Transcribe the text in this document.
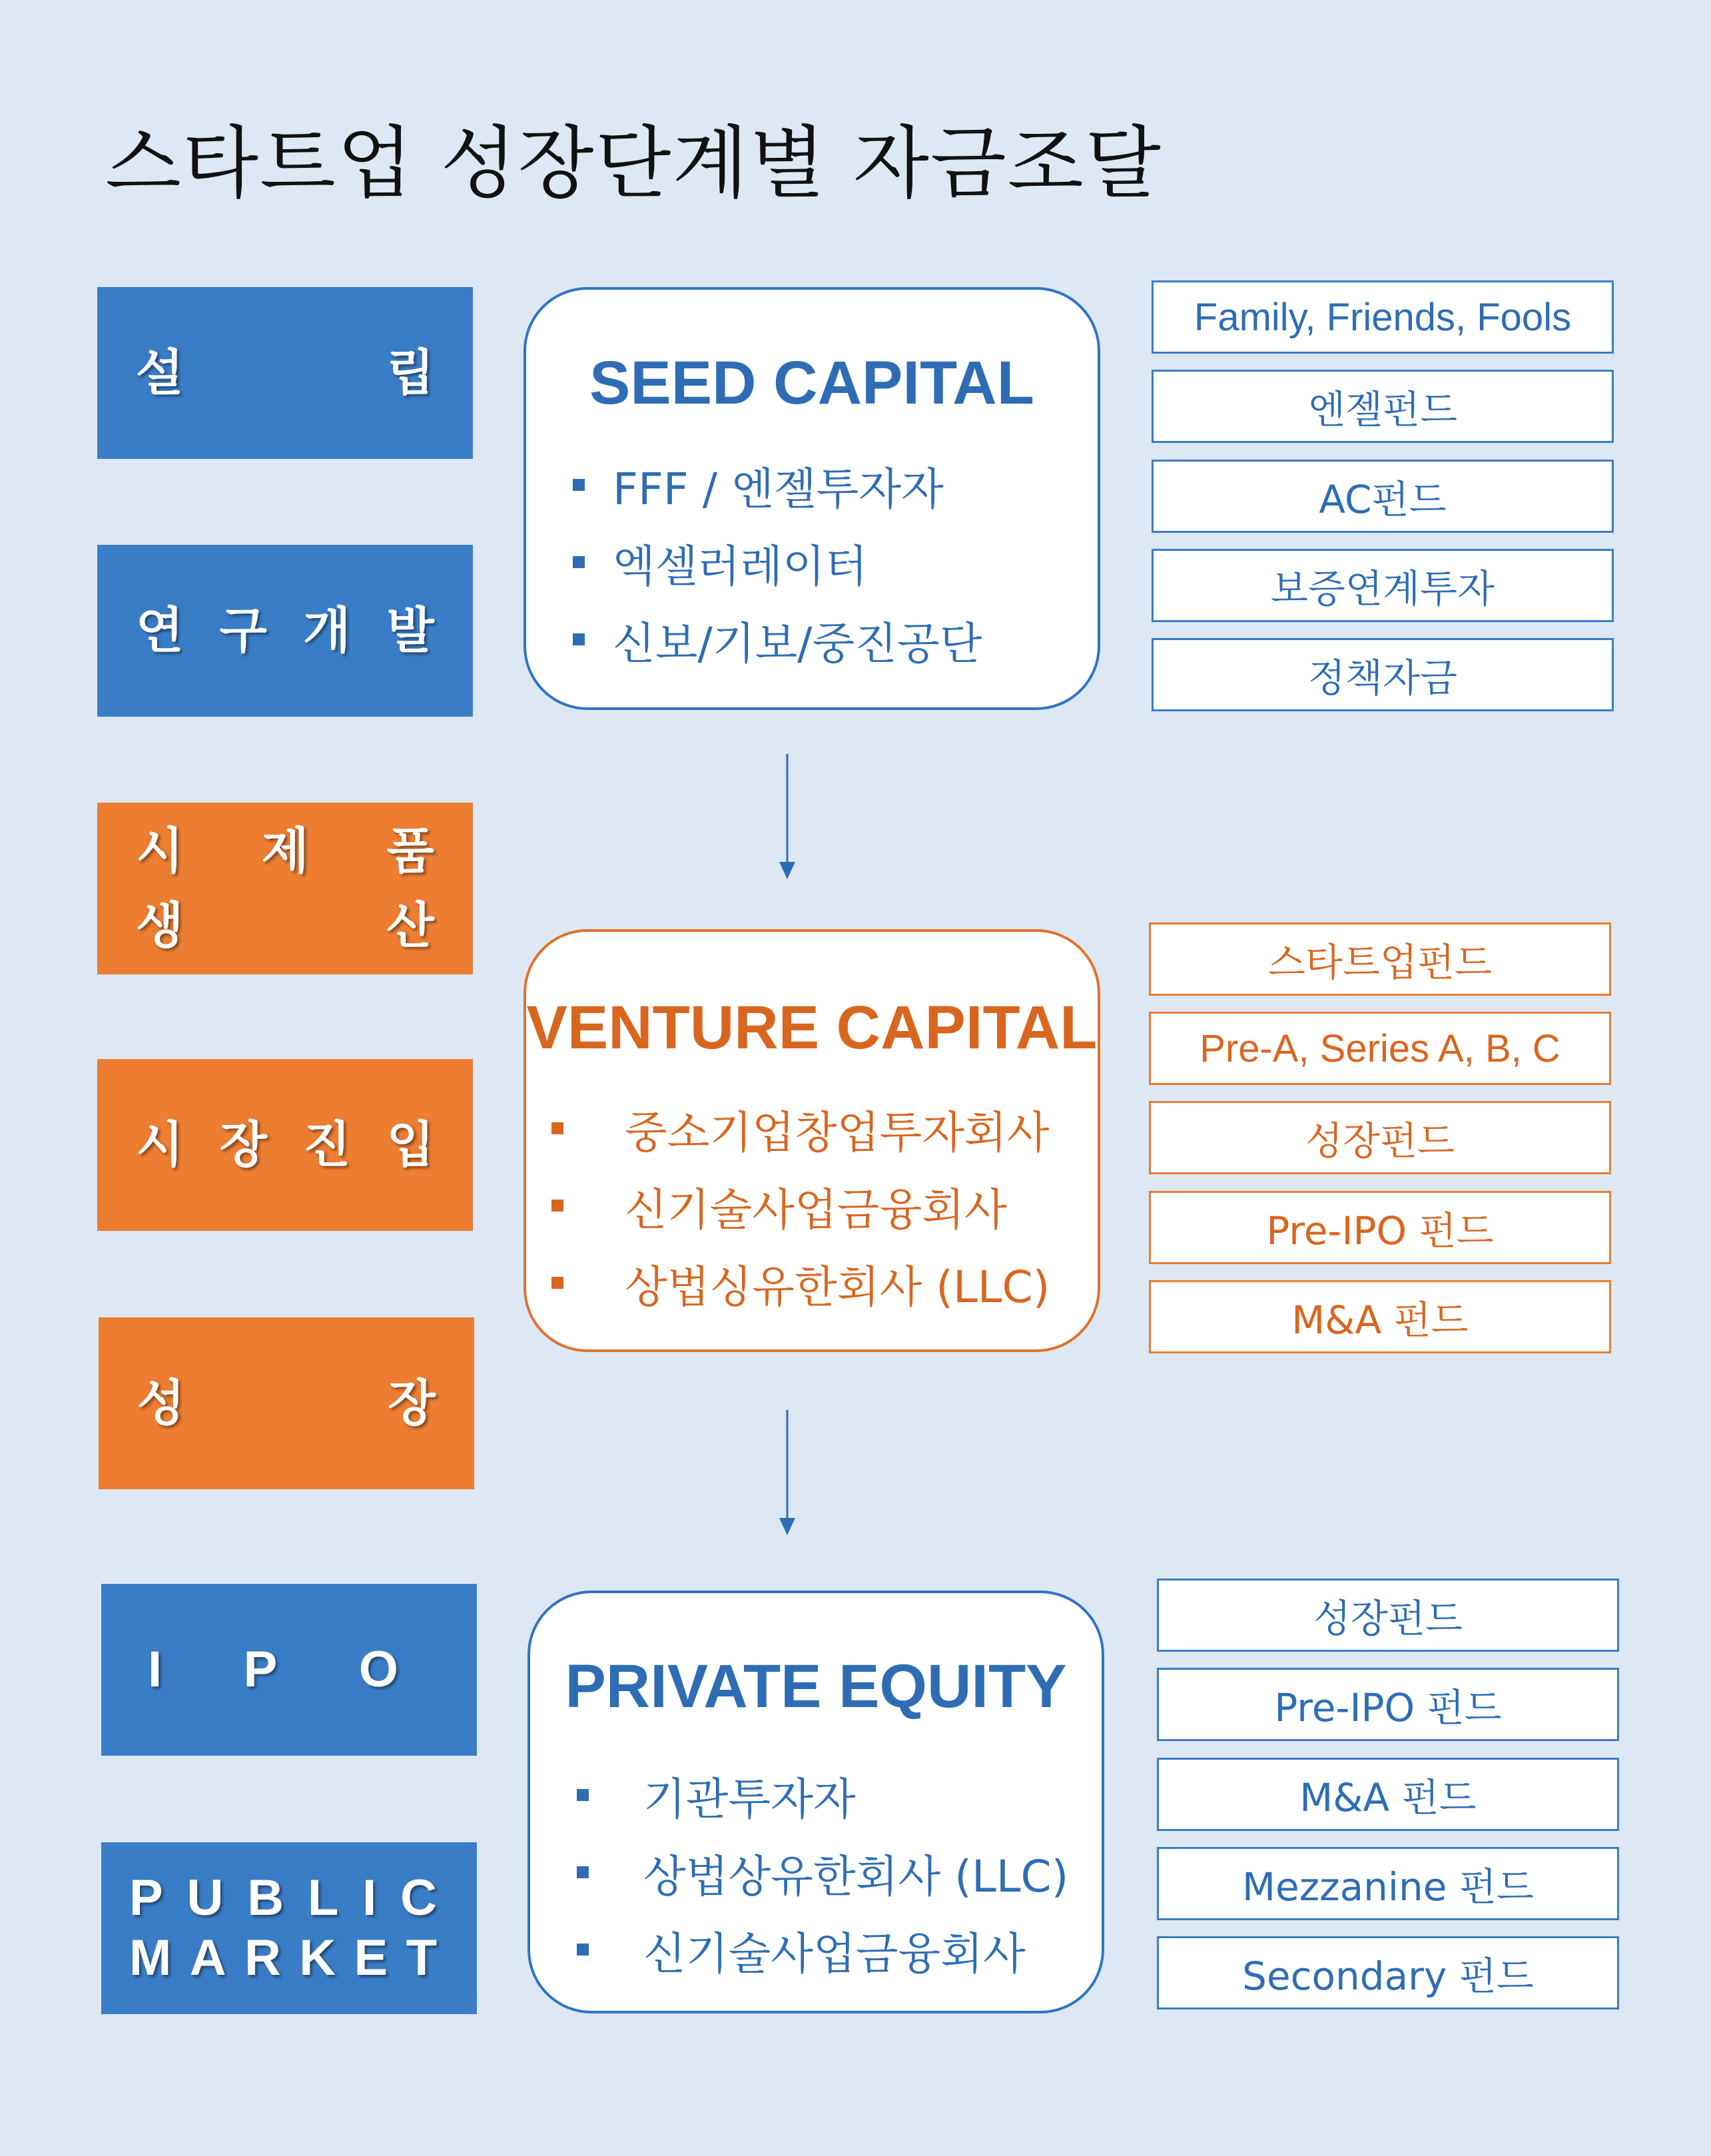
스타트업 성장단계별 자금조달
설	립
연 구 개 발
시 제 품
생	산
시 장 진 입
성	장
I P O
P U B L I C
M A R K E T
SEED CAPITAL
FFF / 엔젤투자자
엑셀러레이터
신보/기보/중진공단
VENTURE CAPITAL
중소기업창업투자회사
신기술사업금융회사
상법싱유한회사 (LLC)
PRIVATE EQUITY
기관투자자
상법상유한회사 (LLC)
신기술사업금융회사
Family, Friends, Fools
엔젤펀드
AC펀드
보증연계투자
정책자금
스타트업펀드
Pre-A, Series A, B, C
성장펀드
Pre-IPO 펀드
M&A 펀드
성장펀드
Pre-IPO 펀드
M&A 펀드
Mezzanine 펀드
Secondary 펀드
